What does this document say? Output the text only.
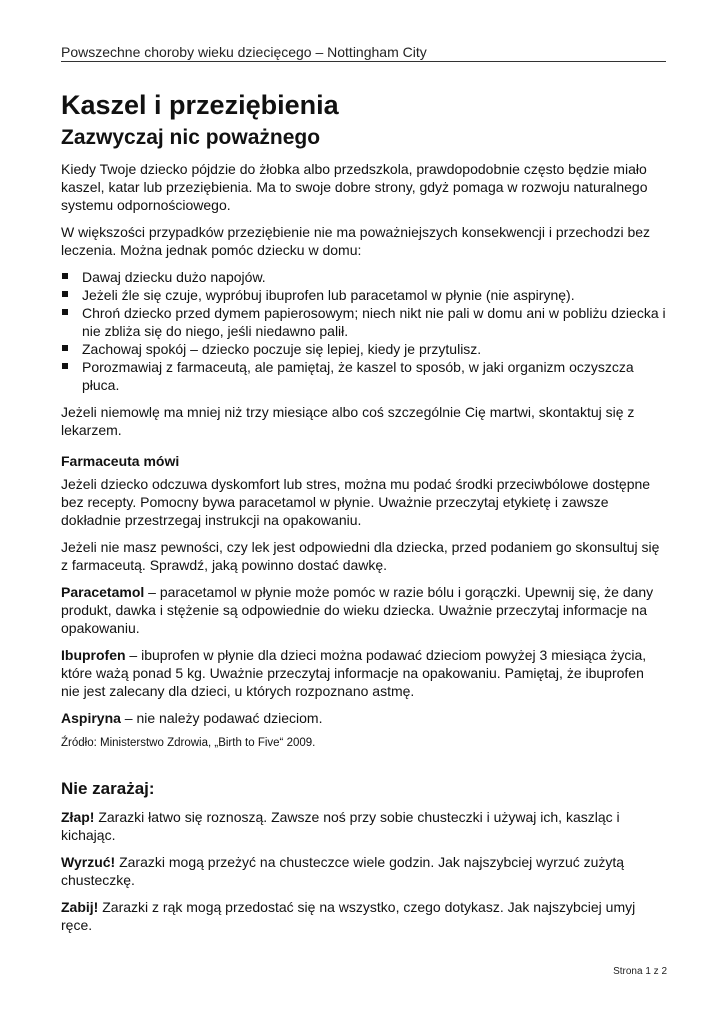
Powszechne choroby wieku dziecięcego – Nottingham City
Kaszel i przeziębienia
Zazwyczaj nic poważnego

Kiedy Twoje dziecko pójdzie do żłobka albo przedszkola, prawdopodobnie często będzie miało kaszel, katar lub przeziębienia. Ma to swoje dobre strony, gdyż pomaga w rozwoju naturalnego systemu odpornościowego.

W większości przypadków przeziębienie nie ma poważniejszych konsekwencji i przechodzi bez leczenia. Można jednak pomóc dziecku w domu:

Dawaj dziecku dużo napojów.
Jeżeli źle się czuje, wypróbuj ibuprofen lub paracetamol w płynie (nie aspirynę).
Chroń dziecko przed dymem papierosowym; niech nikt nie pali w domu ani w pobliżu dziecka i nie zbliża się do niego, jeśli niedawno palił.
Zachowaj spokój – dziecko poczuje się lepiej, kiedy je przytulisz.
Porozmawiaj z farmaceutą, ale pamiętaj, że kaszel to sposób, w jaki organizm oczyszcza płuca.

Jeżeli niemowlę ma mniej niż trzy miesiące albo coś szczególnie Cię martwi, skontaktuj się z lekarzem.

Farmaceuta mówi

Jeżeli dziecko odczuwa dyskomfort lub stres, można mu podać środki przeciwbólowe dostępne bez recepty. Pomocny bywa paracetamol w płynie. Uważnie przeczytaj etykietę i zawsze dokładnie przestrzegaj instrukcji na opakowaniu.

Jeżeli nie masz pewności, czy lek jest odpowiedni dla dziecka, przed podaniem go skonsultuj się z farmaceutą. Sprawdź, jaką powinno dostać dawkę.

Paracetamol – paracetamol w płynie może pomóc w razie bólu i gorączki. Upewnij się, że dany produkt, dawka i stężenie są odpowiednie do wieku dziecka. Uważnie przeczytaj informacje na opakowaniu.

Ibuprofen – ibuprofen w płynie dla dzieci można podawać dzieciom powyżej 3 miesiąca życia, które ważą ponad 5 kg. Uważnie przeczytaj informacje na opakowaniu. Pamiętaj, że ibuprofen nie jest zalecany dla dzieci, u których rozpoznano astmę.

Aspiryna – nie należy podawać dzieciom.

Źródło: Ministerstwo Zdrowia, „Birth to Five“ 2009.

Nie zarażaj:

Złap! Zarazki łatwo się roznoszą. Zawsze noś przy sobie chusteczki i używaj ich, kaszląc i kichając.

Wyrzuć! Zarazki mogą przeżyć na chusteczce wiele godzin. Jak najszybciej wyrzuć zużytą chusteczkę.

Zabij! Zarazki z rąk mogą przedostać się na wszystko, czego dotykasz. Jak najszybciej umyj ręce.

Strona 1 z 2
